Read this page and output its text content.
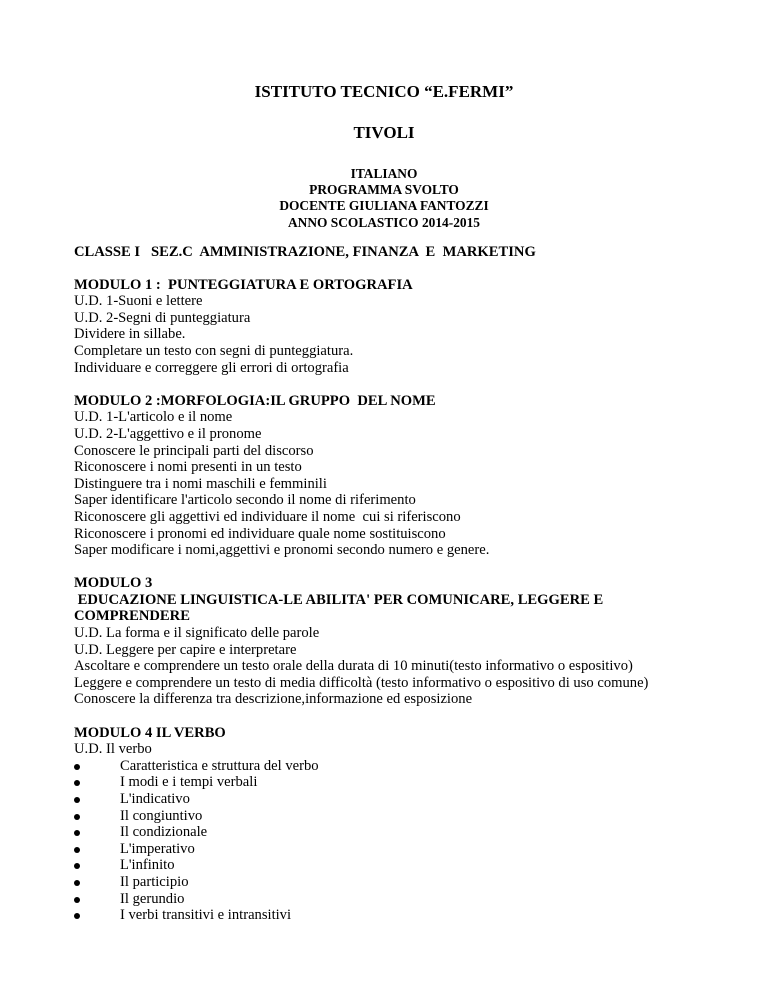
ISTITUTO TECNICO “E.FERMI”
TIVOLI
ITALIANO
PROGRAMMA SVOLTO
DOCENTE GIULIANA FANTOZZI
ANNO SCOLASTICO 2014-2015
CLASSE I   SEZ.C  AMMINISTRAZIONE, FINANZA  E  MARKETING
MODULO 1 :  PUNTEGGIATURA E ORTOGRAFIA
U.D. 1-Suoni e lettere
U.D. 2-Segni di punteggiatura
Dividere in sillabe.
Completare un testo con segni di punteggiatura.
Individuare e correggere gli errori di ortografia
MODULO 2 :MORFOLOGIA:IL GRUPPO  DEL NOME
U.D. 1-L'articolo e il nome
U.D. 2-L'aggettivo e il pronome
Conoscere le principali parti del discorso
Riconoscere i nomi presenti in un testo
Distinguere tra i nomi maschili e femminili
Saper identificare l'articolo secondo il nome di riferimento
Riconoscere gli aggettivi ed individuare il nome  cui si riferiscono
Riconoscere i pronomi ed individuare quale nome sostituiscono
Saper modificare i nomi,aggettivi e pronomi secondo numero e genere.
MODULO 3
EDUCAZIONE LINGUISTICA-LE ABILITA' PER COMUNICARE, LEGGERE E
COMPRENDERE
U.D. La forma e il significato delle parole
U.D. Leggere per capire e interpretare
Ascoltare e comprendere un testo orale della durata di 10 minuti(testo informativo o espositivo)
Leggere e comprendere un testo di media difficoltà (testo informativo o espositivo di uso comune)
Conoscere la differenza tra descrizione,informazione ed esposizione
MODULO 4 IL VERBO
U.D. Il verbo
Caratteristica e struttura del verbo
I modi e i tempi verbali
L'indicativo
Il congiuntivo
Il condizionale
L'imperativo
L'infinito
Il participio
Il gerundio
I verbi transitivi e intransitivi
